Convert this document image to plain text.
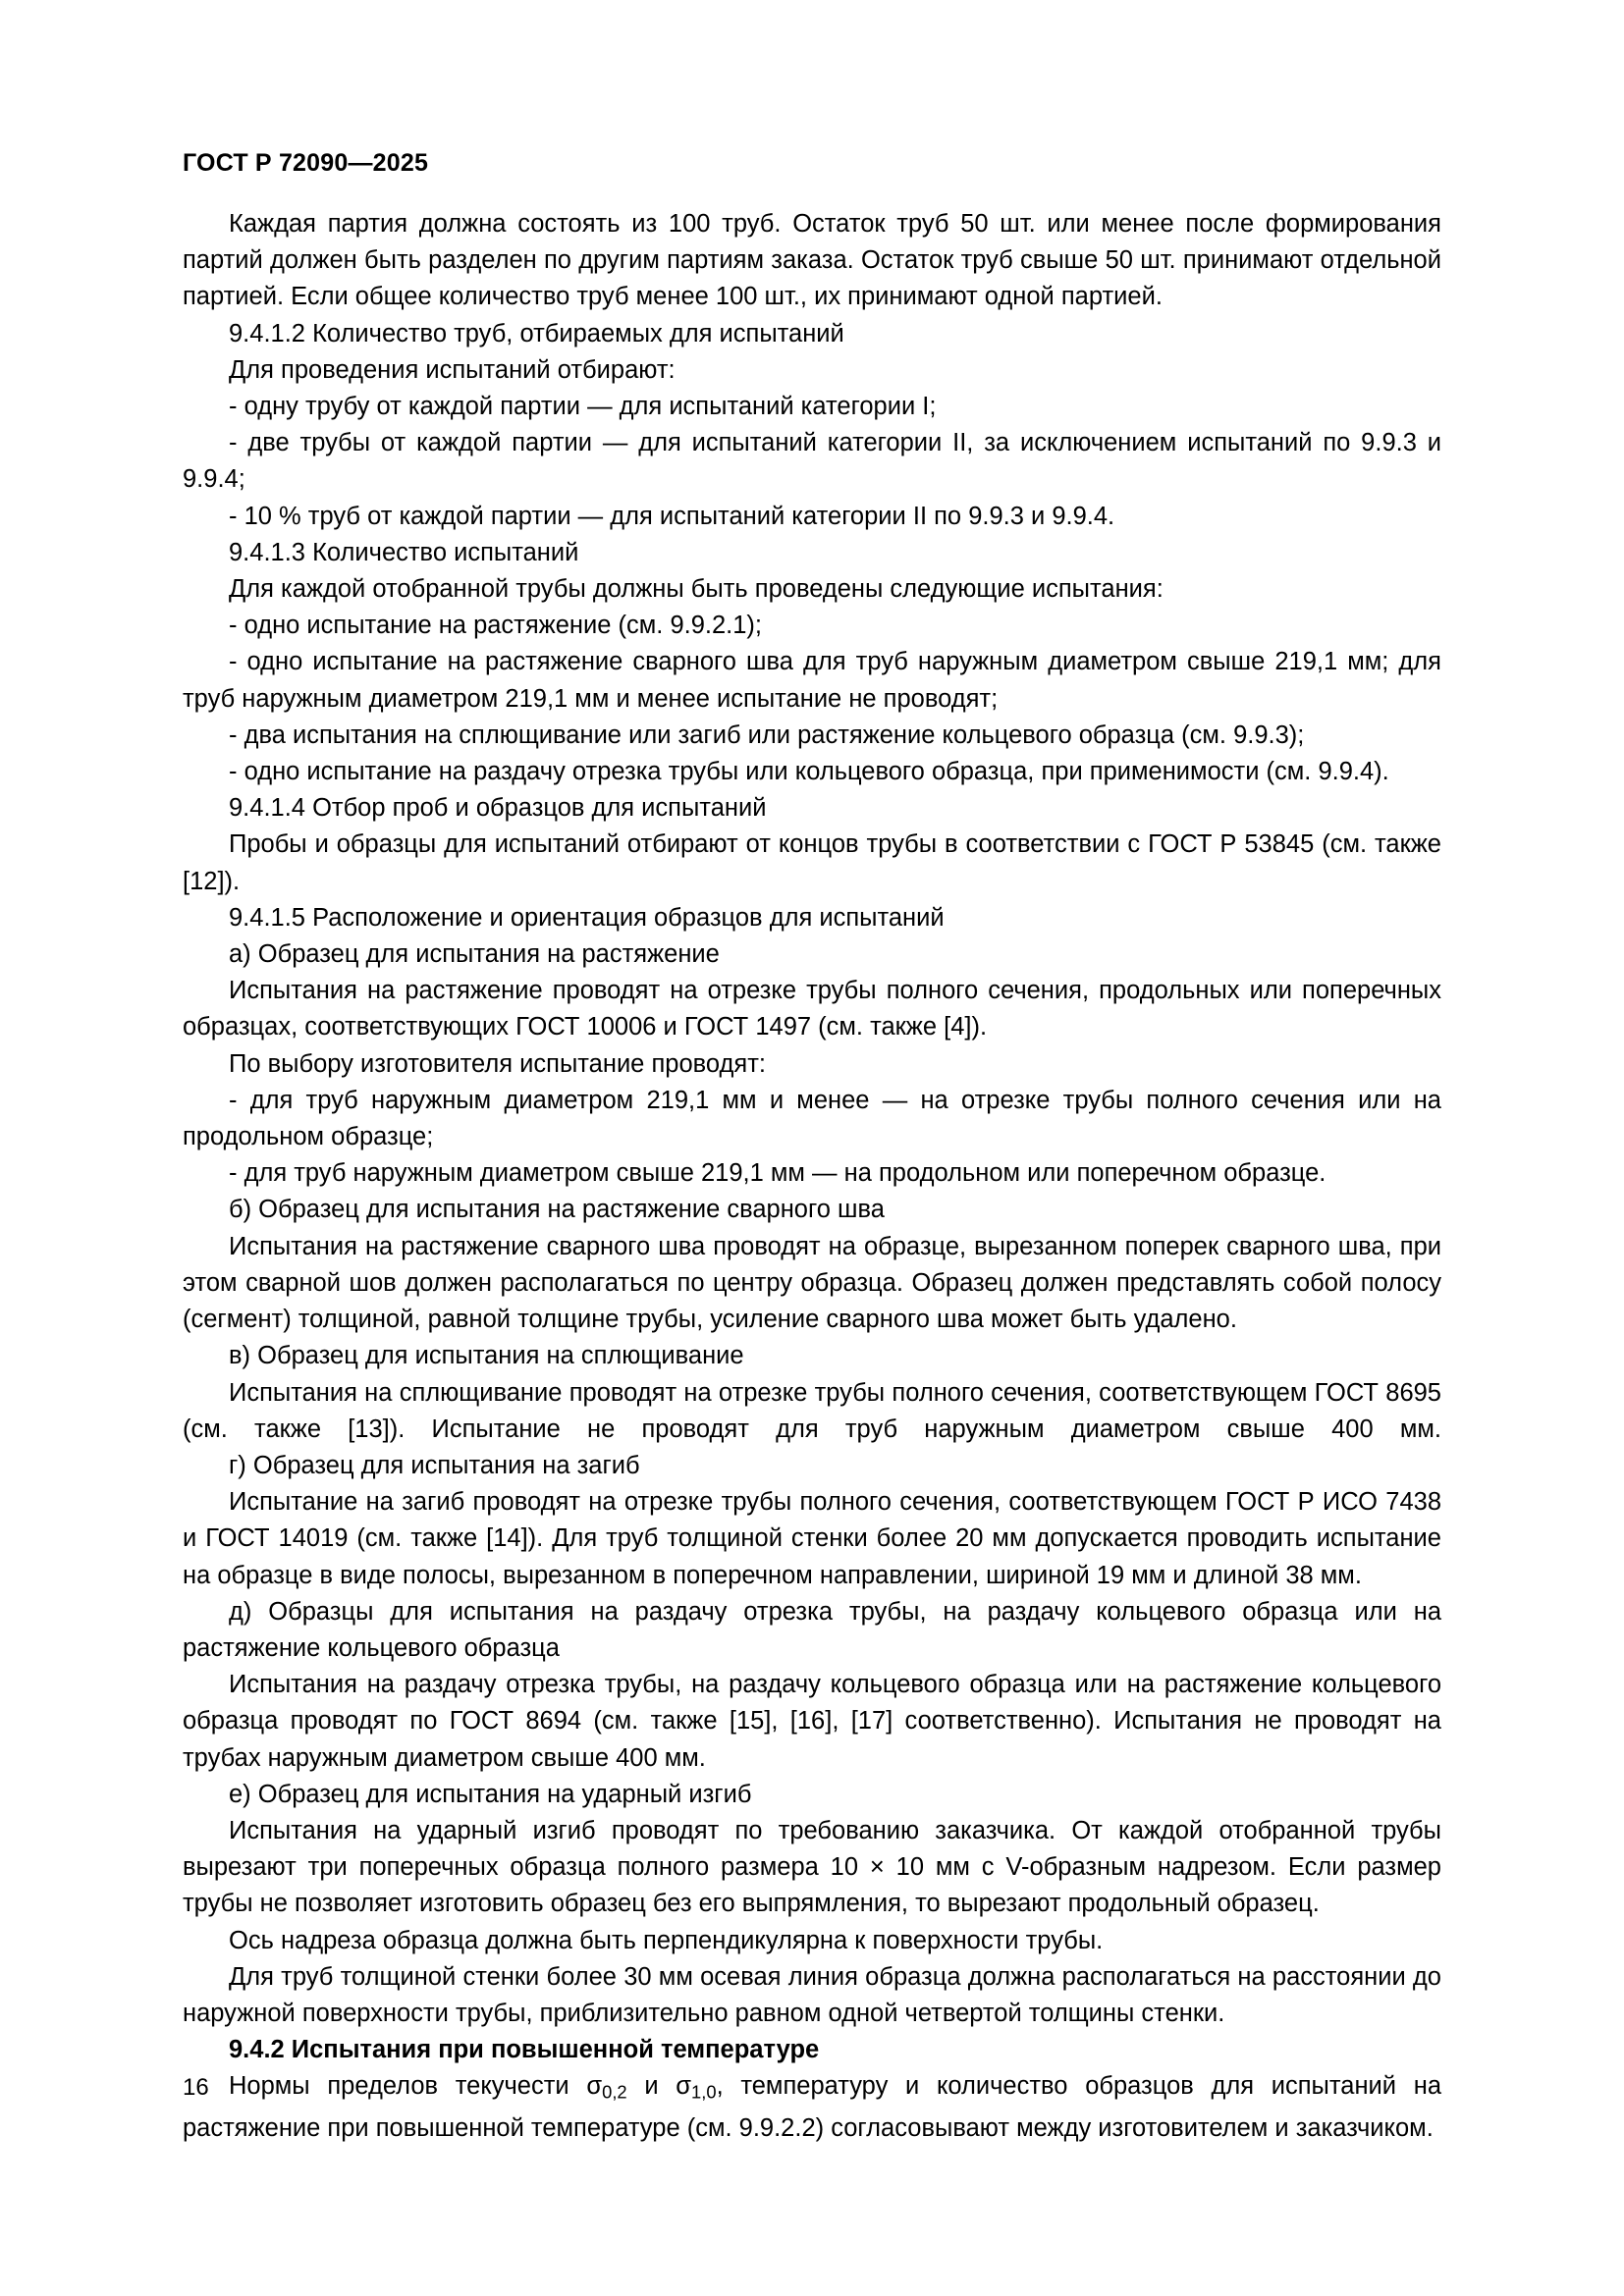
ГОСТ Р 72090—2025

Каждая партия должна состоять из 100 труб. Остаток труб 50 шт. или менее после формирования партий должен быть разделен по другим партиям заказа. Остаток труб свыше 50 шт. принимают отдельной партией. Если общее количество труб менее 100 шт., их принимают одной партией.

9.4.1.2 Количество труб, отбираемых для испытаний

Для проведения испытаний отбирают:

- одну трубу от каждой партии — для испытаний категории I;

- две трубы от каждой партии — для испытаний категории II, за исключением испытаний по 9.9.3 и 9.9.4;

- 10 % труб от каждой партии — для испытаний категории II по 9.9.3 и 9.9.4.

9.4.1.3 Количество испытаний

Для каждой отобранной трубы должны быть проведены следующие испытания:

- одно испытание на растяжение (см. 9.9.2.1);

- одно испытание на растяжение сварного шва для труб наружным диаметром свыше 219,1 мм; для труб наружным диаметром 219,1 мм и менее испытание не проводят;

- два испытания на сплющивание или загиб или растяжение кольцевого образца (см. 9.9.3);

- одно испытание на раздачу отрезка трубы или кольцевого образца, при применимости (см. 9.9.4).

9.4.1.4 Отбор проб и образцов для испытаний

Пробы и образцы для испытаний отбирают от концов трубы в соответствии с ГОСТ Р 53845 (см. также [12]).

9.4.1.5 Расположение и ориентация образцов для испытаний

а) Образец для испытания на растяжение

Испытания на растяжение проводят на отрезке трубы полного сечения, продольных или поперечных образцах, соответствующих ГОСТ 10006 и ГОСТ 1497 (см. также [4]).

По выбору изготовителя испытание проводят:

- для труб наружным диаметром 219,1 мм и менее — на отрезке трубы полного сечения или на продольном образце;

- для труб наружным диаметром свыше 219,1 мм — на продольном или поперечном образце.

б) Образец для испытания на растяжение сварного шва

Испытания на растяжение сварного шва проводят на образце, вырезанном поперек сварного шва, при этом сварной шов должен располагаться по центру образца. Образец должен представлять собой полосу (сегмент) толщиной, равной толщине трубы, усиление сварного шва может быть удалено.

в) Образец для испытания на сплющивание

Испытания на сплющивание проводят на отрезке трубы полного сечения, соответствующем ГОСТ 8695 (см. также [13]). Испытание не проводят для труб наружным диаметром свыше 400 мм.

г) Образец для испытания на загиб

Испытание на загиб проводят на отрезке трубы полного сечения, соответствующем ГОСТ Р ИСО 7438 и ГОСТ 14019 (см. также [14]). Для труб толщиной стенки более 20 мм допускается проводить испытание на образце в виде полосы, вырезанном в поперечном направлении, шириной 19 мм и длиной 38 мм.

д) Образцы для испытания на раздачу отрезка трубы, на раздачу кольцевого образца или на растяжение кольцевого образца

Испытания на раздачу отрезка трубы, на раздачу кольцевого образца или на растяжение кольцевого образца проводят по ГОСТ 8694 (см. также [15], [16], [17] соответственно). Испытания не проводят на трубах наружным диаметром свыше 400 мм.

е) Образец для испытания на ударный изгиб

Испытания на ударный изгиб проводят по требованию заказчика. От каждой отобранной трубы вырезают три поперечных образца полного размера 10 × 10 мм с V-образным надрезом. Если размер трубы не позволяет изготовить образец без его выпрямления, то вырезают продольный образец.

Ось надреза образца должна быть перпендикулярна к поверхности трубы.

Для труб толщиной стенки более 30 мм осевая линия образца должна располагаться на расстоянии до наружной поверхности трубы, приблизительно равном одной четвертой толщины стенки.

9.4.2 Испытания при повышенной температуре

Нормы пределов текучести $\sigma_{0,2}$ и $\sigma_{1,0}$, температуру и количество образцов для испытаний на растяжение при повышенной температуре (см. 9.9.2.2) согласовывают между изготовителем и заказчиком.

16
